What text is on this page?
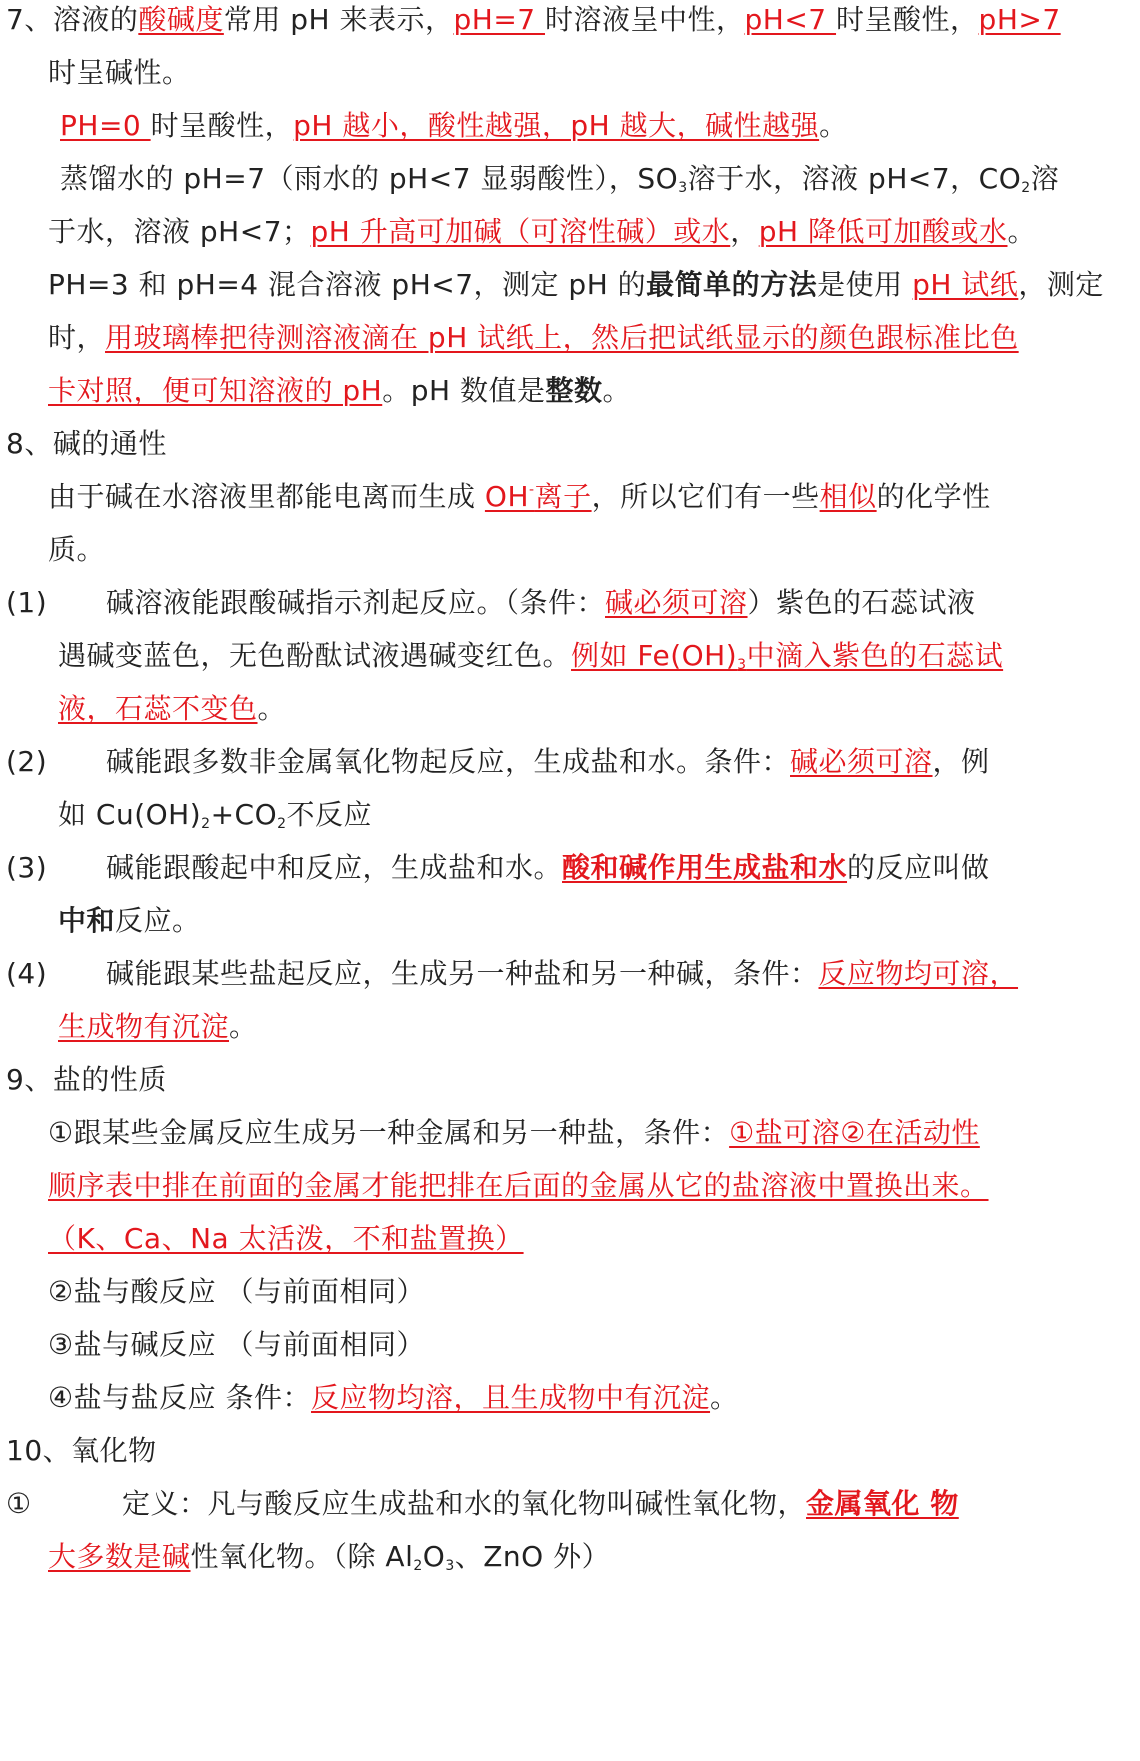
7、溶液的酸碱度常用 pH 来表示，pH=7 时溶液呈中性，pH<7 时呈酸性，pH>7
时呈碱性。
PH=0 时呈酸性，pH 越小，酸性越强，pH 越大，碱性越强。
蒸馏水的 pH=7（雨水的 pH<7 显弱酸性），$SO_3$溶于水，溶液 pH<7，$CO_2$溶
于水，溶液 pH<7；pH 升高可加碱（可溶性碱）或水，pH 降低可加酸或水。
PH=3 和 pH=4 混合溶液 pH<7，测定 pH 的最简单的方法是使用 pH 试纸，测定
时，用玻璃棒把待测溶液滴在 pH 试纸上，然后把试纸显示的颜色跟标准比色
卡对照，便可知溶液的 pH。pH 数值是整数。
8、碱的通性
由于碱在水溶液里都能电离而生成 OH-离子，所以它们有一些相似的化学性
质。
(1) 碱溶液能跟酸碱指示剂起反应。（条件：碱必须可溶）紫色的石蕊试液
遇碱变蓝色，无色酚酞试液遇碱变红色。例如 $Fe(OH)_3$中滴入紫色的石蕊试
液，石蕊不变色。
(2) 碱能跟多数非金属氧化物起反应，生成盐和水。条件：碱必须可溶，例
如 $Cu(OH)_2+CO_2$不反应
(3) 碱能跟酸起中和反应，生成盐和水。酸和碱作用生成盐和水的反应叫做
中和反应。
(4) 碱能跟某些盐起反应，生成另一种盐和另一种碱，条件：反应物均可溶，
生成物有沉淀。
9、盐的性质
①跟某些金属反应生成另一种金属和另一种盐，条件：①盐可溶②在活动性
顺序表中排在前面的金属才能把排在后面的金属从它的盐溶液中置换出来。
（K、Ca、Na 太活泼，不和盐置换）
②盐与酸反应 （与前面相同）
③盐与碱反应 （与前面相同）
④盐与盐反应 条件：反应物均溶，且生成物中有沉淀。
10、氧化物
①	定义：凡与酸反应生成盐和水的氧化物叫碱性氧化物，金属氧化 物
大多数是碱性氧化物。（除 $Al_2O_3$、ZnO 外）
